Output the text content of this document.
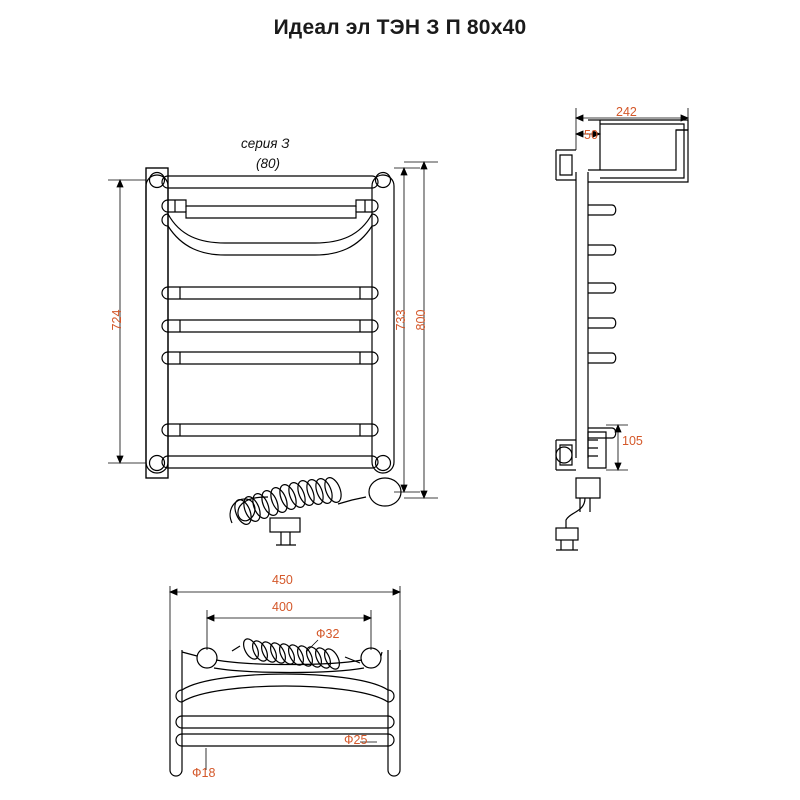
Идеал эл ТЭН З П 80х40
серия З
(80)
724	733 800
242
50
105
450
400
Ф32
Ф25
Ф18
